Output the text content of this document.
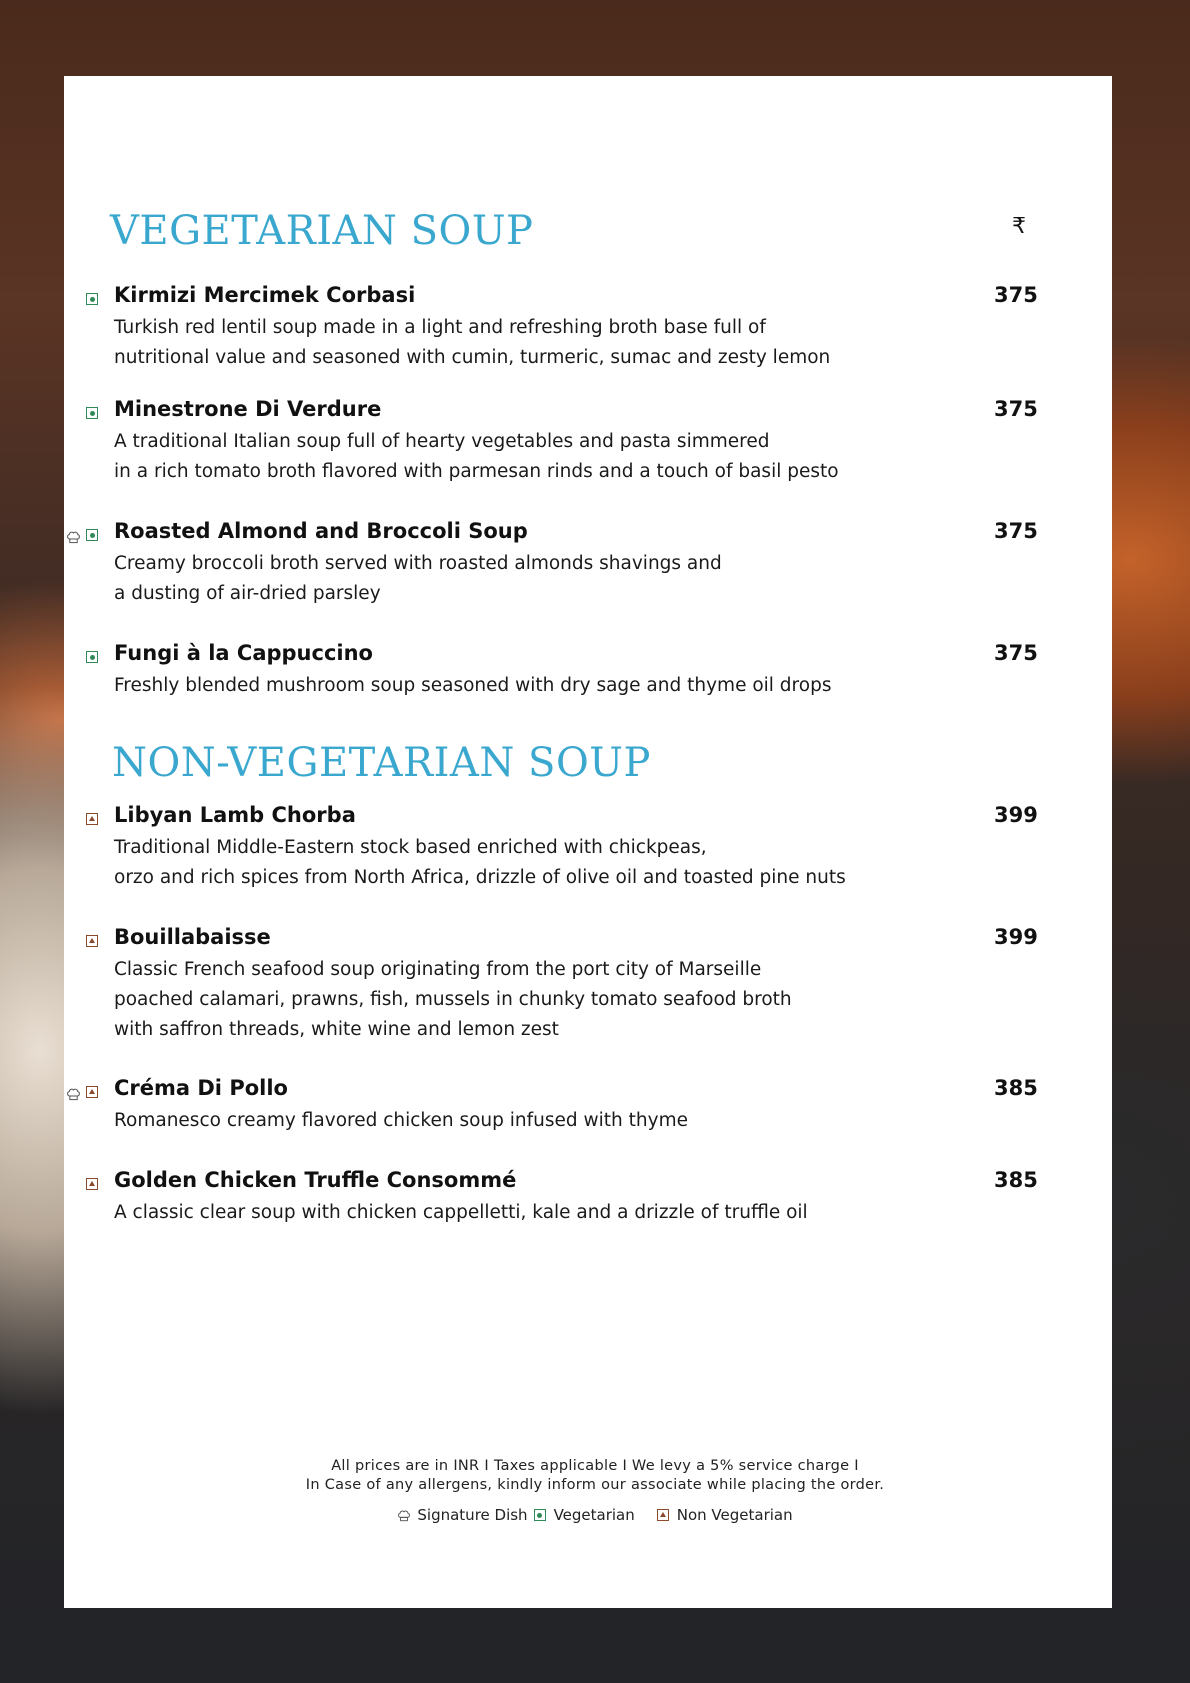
VEGETARIAN SOUP	₹
Kirmizi Mercimek Corbasi	375
Turkish red lentil soup made in a light and refreshing broth base full of
nutritional value and seasoned with cumin, turmeric, sumac and zesty lemon
Minestrone Di Verdure	375
A traditional Italian soup full of hearty vegetables and pasta simmered
in a rich tomato broth flavored with parmesan rinds and a touch of basil pesto
Roasted Almond and Broccoli Soup	375
Creamy broccoli broth served with roasted almonds shavings and
a dusting of air-dried parsley
Fungi à la Cappuccino	375
Freshly blended mushroom soup seasoned with dry sage and thyme oil drops
NON-VEGETARIAN SOUP
Libyan Lamb Chorba	399
Traditional Middle-Eastern stock based enriched with chickpeas,
orzo and rich spices from North Africa, drizzle of olive oil and toasted pine nuts
Bouillabaisse	399
Classic French seafood soup originating from the port city of Marseille
poached calamari, prawns, fish, mussels in chunky tomato seafood broth
with saffron threads, white wine and lemon zest
Créma Di Pollo	385
Romanesco creamy flavored chicken soup infused with thyme
Golden Chicken Truffle Consommé	385
A classic clear soup with chicken cappelletti, kale and a drizzle of truffle oil
All prices are in INR I Taxes applicable I We levy a 5% service charge I
In Case of any allergens, kindly inform our associate while placing the order.
Signature Dish Vegetarian	Non Vegetarian
